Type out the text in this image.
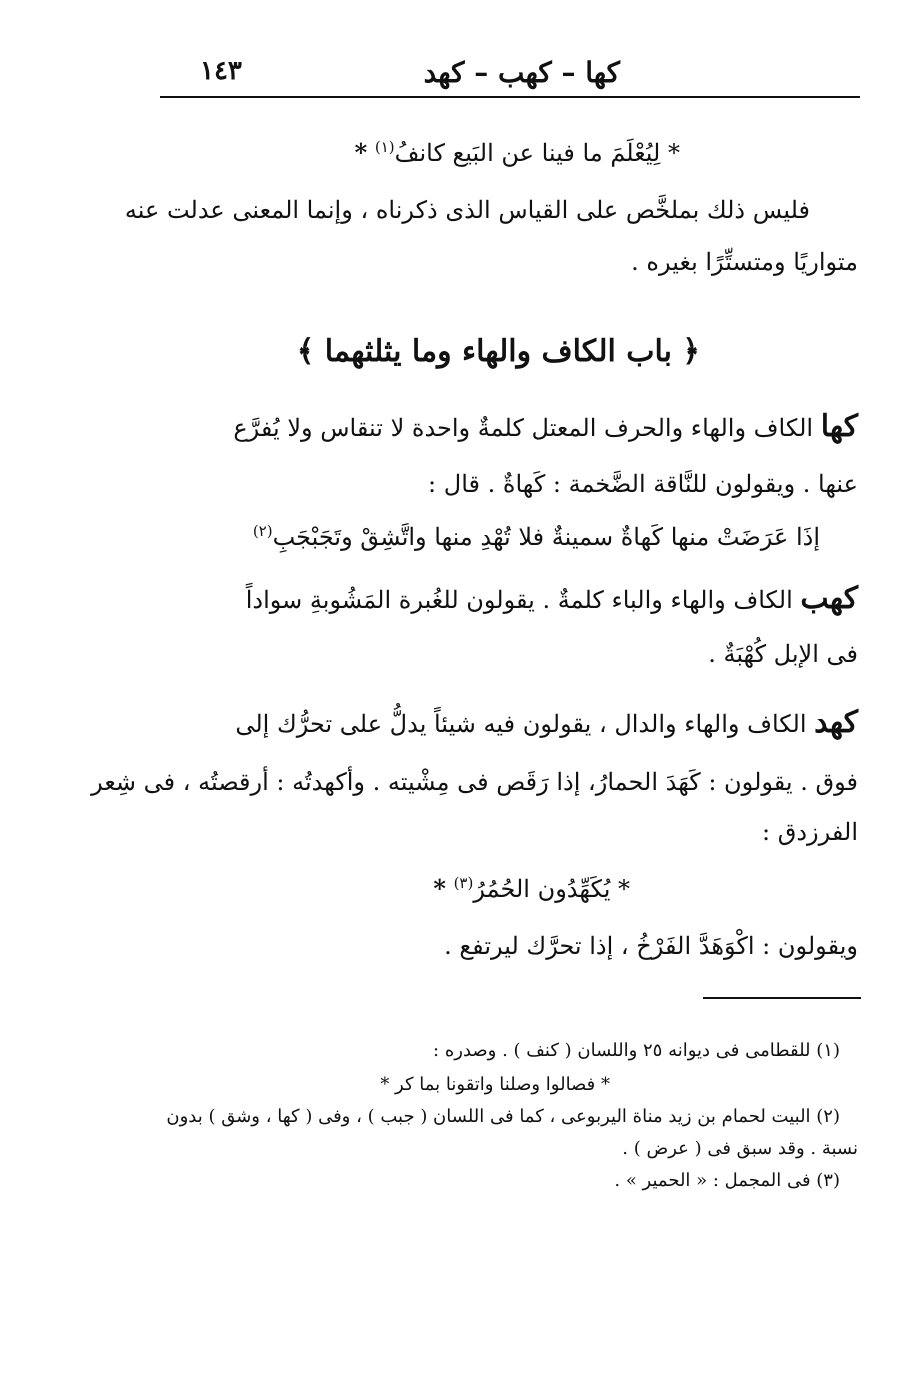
كها – كهب – كهد
١٤٣
* لِيُعْلَمَ ما فينا عن البَيع كانفُ$^{(١)}$ *
فليس ذلك بملخَّص على القياس الذى ذكرناه ، وإنما المعنى عدلت عنه
متواريًا ومتستِّرًا بغيره .
﴿ باب الكاف والهاء وما يثلثهما ﴾
كها الكاف والهاء والحرف المعتل كلمةٌ واحدة لا تنقاس ولا يُفرَّع
عنها . ويقولون للنَّاقة الضَّخمة : كَهاةٌ . قال :
إذَا عَرَضَتْ منها كَهاةٌ سمينةٌ فلا تُهْدِ منها واتَّشِقْ وتَجَبْجَبِ$^{(٢)}$
كهب الكاف والهاء والباء كلمةٌ . يقولون للغُبرة المَشُوبةِ سواداً
فى الإبل كُهْبَةٌ .
كهد الكاف والهاء والدال ، يقولون فيه شيئاً يدلُّ على تحرُّك إلى
فوق . يقولون : كَهَدَ الحمارُ، إذا رَقَص فى مِشْيته . وأكهدتُه : أرقصتُه ، فى شِعر
الفرزدق :
* يُكَهِّدُون الحُمُرُ$^{(٣)}$ *
ويقولون : اكْوَهَدَّ الفَرْخُ ، إذا تحرَّك ليرتفع .
(١) للقطامى فى ديوانه ٢٥ واللسان ( كنف ) . وصدره :
* فصالوا وصلنا واتقونا بما كر *
(٢) البيت لحمام بن زيد مناة اليربوعى ، كما فى اللسان ( جبب ) ، وفى ( كها ، وشق ) بدون
نسبة . وقد سبق فى ( عرض ) .
(٣) فى المجمل : « الحمير » .
